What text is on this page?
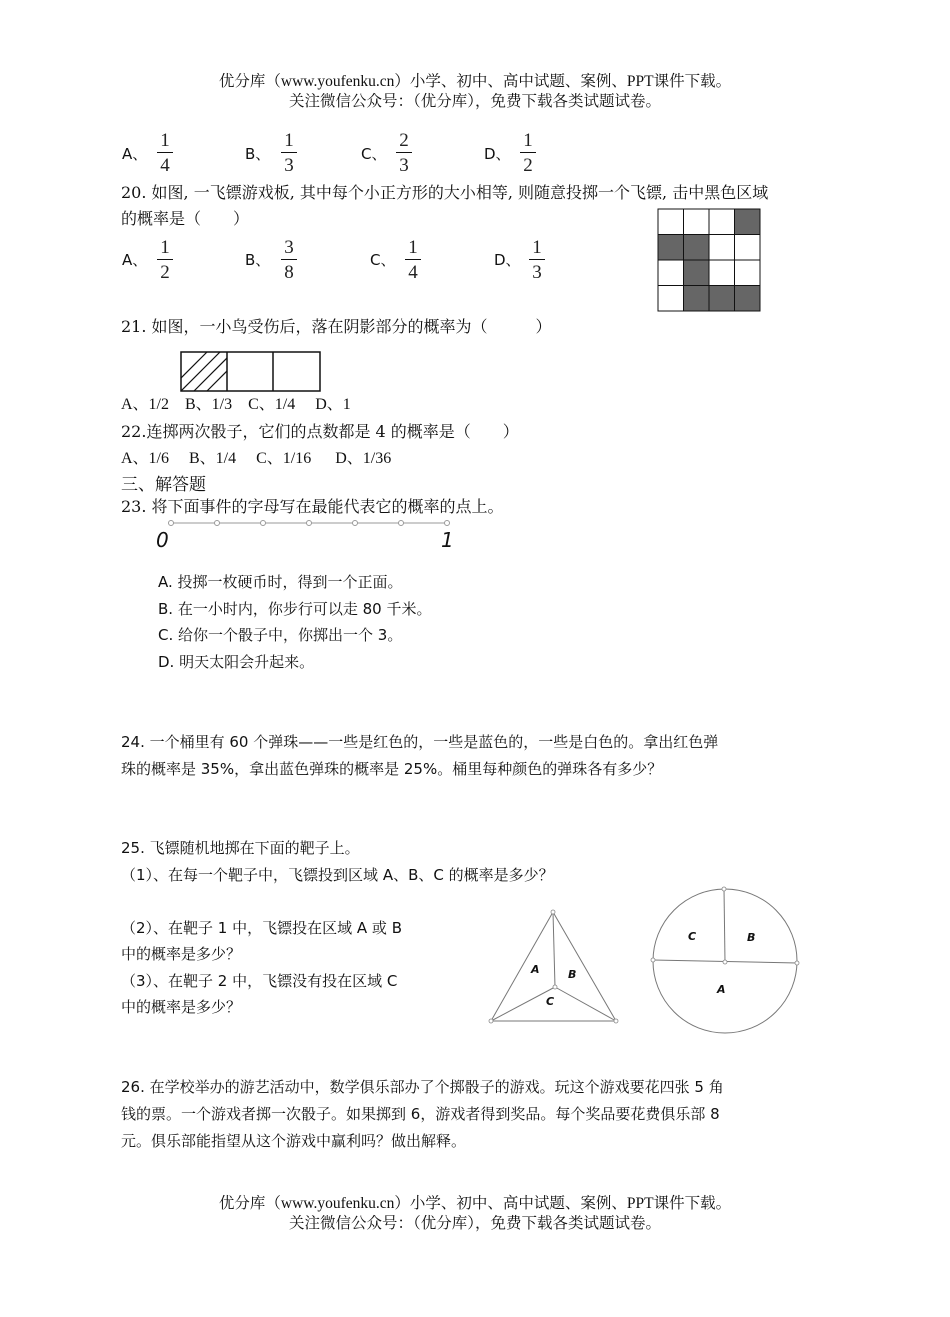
优分库（www.youfenku.cn）小学、初中、高中试题、案例、PPT课件下载。
关注微信公众号：（优分库），免费下载各类试题试卷。
A、
1
4
B、
1
3
C、
2
3
D、
1
2
20. 如图, 一飞镖游戏板, 其中每个小正方形的大小相等, 则随意投掷一个飞镖, 击中黑色区域
的概率是（　　）
A、
1
2
B、
3
8
C、
1
4
D、
1
3
21. 如图，一小鸟受伤后，落在阴影部分的概率为（　　　）
A、1/2　B、1/3　C、1/4　 D、1
22.连掷两次骰子，它们的点数都是 4 的概率是（　　）
A、1/6　 B、1/4　 C、1/16 　 D、1/36
三、解答题
23. 将下面事件的字母写在最能代表它的概率的点上。
0	1
A. 投掷一枚硬币时，得到一个正面。
B. 在一小时内，你步行可以走 80 千米。
C. 给你一个骰子中，你掷出一个 3。
D. 明天太阳会升起来。
24. 一个桶里有 60 个弹珠——一些是红色的，一些是蓝色的，一些是白色的。拿出红色弹
珠的概率是 35%，拿出蓝色弹珠的概率是 25%。桶里每种颜色的弹珠各有多少？
25. 飞镖随机地掷在下面的靶子上。
（1）、在每一个靶子中，飞镖投到区域 A、B、C 的概率是多少？
（2）、在靶子 1 中，飞镖投在区域 A 或 B
中的概率是多少？
（3）、在靶子 2 中，飞镖没有投在区域 C
中的概率是多少？
A	B
C
C	B
A
26. 在学校举办的游艺活动中，数学俱乐部办了个掷骰子的游戏。玩这个游戏要花四张 5 角
钱的票。一个游戏者掷一次骰子。如果掷到 6，游戏者得到奖品。每个奖品要花费俱乐部 8
元。俱乐部能指望从这个游戏中赢利吗？做出解释。
优分库（www.youfenku.cn）小学、初中、高中试题、案例、PPT课件下载。
关注微信公众号：（优分库），免费下载各类试题试卷。
